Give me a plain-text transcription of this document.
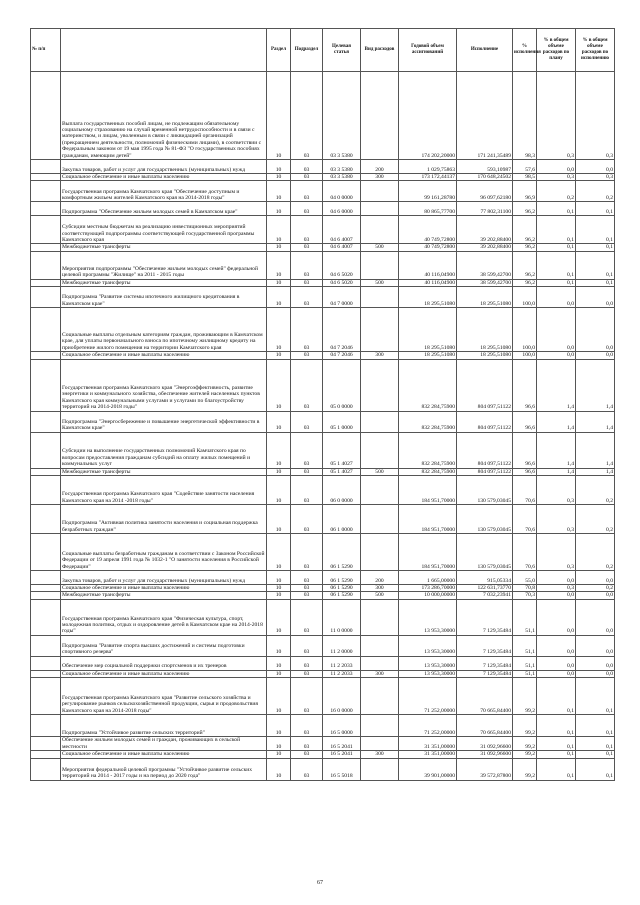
№ п/п		Раздел	Подраздел	Целевая статья	Вид расходов	Годовой объем ассигнований	Исполнение	% исполнения	% в общем объеме расходов по плану	% в общем объеме расходов по исполнению
	Выплата государственных пособий лицам, не подлежащим обязательному социальному страхованию на случай временной нетрудоспособности и в связи с материнством, и лицам, уволенным в связи с ликвидацией организаций (прекращением деятельности, полномочий физическими лицами), в соответствии с Федеральным законом от 19 мая 1995 года № 81-ФЗ "О государственных пособиях гражданам, имеющим детей"	10	03	03 3 5380		174 202,20000	171 241,35489	98,3	0,3	0,3
	Закупка товаров, работ и услуг для государственных (муниципальных) нужд	10	03	03 3 5380	200	1 029,75863	593,10987	57,6	0,0	0,0
	Социальное обеспечение и иные выплаты населению	10	03	03 3 5380	300	173 172,44137	170 648,24502	98,5	0,3	0,3
	Государственная программа Камчатского края "Обеспечение доступным и комфортным жильем жителей Камчатского края на 2014-2018 годы"	10	03	04 0 0000		99 161,28780	96 097,62180	96,9	0,2	0,2
	Подпрограмма "Обеспечение жильем молодых семей в Камчатском крае"	10	03	04 6 0000		80 865,77700	77 802,31100	96,2	0,1	0,1
	Субсидии местным бюджетам на реализацию инвестиционных мероприятий соответствующей подпрограммы соответствующей государственной программы Камчатского края	10	03	04 6 4007		40 749,72800	39 202,88400	96,2	0,1	0,1
	Межбюджетные трансферты	10	03	04 6 4007	500	40 749,72800	39 202,88400	96,2	0,1	0,1
	Мероприятия подпрограммы "Обеспечение жильем молодых семей" федеральной целевой программы "Жилище" на 2011 - 2015 годы	10	03	04 6 5020		40 116,04900	38 599,42700	96,2	0,1	0,1
	Межбюджетные трансферты	10	03	04 6 5020	500	40 116,04900	38 599,42700	96,2	0,1	0,1
	Подпрограмма "Развитие системы ипотечного жилищного кредитования в Камчатском крае"	10	03	04 7 0000		18 295,51080	18 295,51080	100,0	0,0	0,0
	Социальные выплаты отдельным категориям граждан, проживающим в Камчатском крае, для уплаты первоначального взноса по ипотечному жилищному кредиту на приобретение жилого помещения на территории Камчатского края	10	03	04 7 2046		18 295,51080	18 295,51080	100,0	0,0	0,0
	Социальное обеспечение и иные выплаты населению	10	03	04 7 2046	300	18 295,51080	18 295,51080	100,0	0,0	0,0
	Государственная программа Камчатского края "Энергоэффективность, развитие энергетики и коммунального хозяйства, обеспечение жителей населенных пунктов Камчатского края коммунальными услугами и услугами по благоустройству территорий на 2014-2018 годы"	10	03	05 0 0000		832 284,75900	804 097,51122	96,6	1,4	1,4
	Подпрограмма "Энергосбережение и повышение энергетической эффективности в Камчатском крае"	10	03	05 1 0000		832 284,75900	804 097,51122	96,6	1,4	1,4
	Субсидии на выполнение государственных полномочий Камчатского края по вопросам предоставления гражданам субсидий на оплату жилых помещений и коммунальных услуг	10	03	05 1 4027		832 284,75900	804 097,51122	96,6	1,4	1,4
	Межбюджетные трансферты	10	03	05 1 4027	500	832 284,75900	804 097,51122	96,6	1,4	1,4
	Государственная программа Камчатского края "Содействие занятости населения Камчатского края на 2014 -2018 годы"	10	03	06 0 0000		184 951,70000	130 579,03045	70,6	0,3	0,2
	Подпрограмма "Активная политика занятости населения и социальная поддержка безработных граждан"	10	03	06 1 0000		184 951,70000	130 579,03045	70,6	0,3	0,2
	Социальные выплаты безработным гражданам в соответствии с Законом Российской Федерации от 19 апреля 1991 года № 1032-1 "О занятости населения в Российской Федерации"	10	03	06 1 5290		184 951,70000	130 579,03045	70,6	0,3	0,2
	Закупка товаров, работ и услуг для государственных (муниципальных) нужд	10	03	06 1 5290	200	1 665,00000	915,05334	55,0	0,0	0,0
	Социальное обеспечение и иные выплаты населению	10	03	06 1 5290	300	173 286,70000	122 631,73770	70,8	0,3	0,2
	Межбюджетные трансферты	10	03	06 1 5290	500	10 000,00000	7 032,23941	70,3	0,0	0,0
	Государственная программа Камчатского края "Физическая культура, спорт, молодежная политика, отдых и оздоровление детей в Камчатском крае на 2014-2018 годы"	10	03	11 0 0000		13 953,30000	7 129,35484	51,1	0,0	0,0
	Подпрограмма "Развитие спорта высших достижений и системы подготовки спортивного резерва"	10	03	11 2 0000		13 953,30000	7 129,35484	51,1	0,0	0,0
	Обеспечение мер социальной поддержки спортсменов и их тренеров	10	03	11 2 2033		13 953,30000	7 129,35484	51,1	0,0	0,0
	Социальное обеспечение и иные выплаты населению	10	03	11 2 2033	300	13 953,30000	7 129,35484	51,1	0,0	0,0
	Государственная программа Камчатского края "Развитие сельского хозяйства и регулирование рынков сельскохозяйственной продукции, сырья и продовольствия Камчатского края на 2014-2018 годы"	10	03	16 0 0000		71 252,00000	70 665,84400	99,2	0,1	0,1
	Подпрограмма "Устойчивое развитие сельских территорий"	10	03	16 5 0000		71 252,00000	70 665,84400	99,2	0,1	0,1
	Обеспечение жильем молодых семей и граждан, проживающих в сельской местности	10	03	16 5 2041		31 351,00000	31 092,96600	99,2	0,1	0,1
	Социальное обеспечение и иные выплаты населению	10	03	16 5 2041	300	31 351,00000	31 092,96600	99,2	0,1	0,1
	Мероприятия федеральной целевой программы "Устойчивое развитие сельских территорий на 2014 - 2017 годы и на период до 2020 года"	10	03	16 5 5018		39 901,00000	39 572,87800	99,2	0,1	0,1
67
